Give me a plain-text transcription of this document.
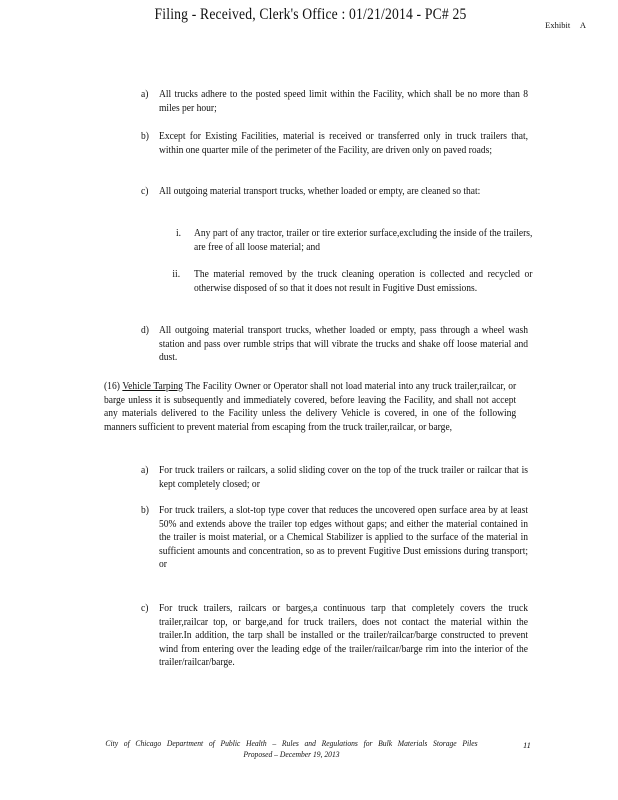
Filing - Received, Clerk's Office : 01/21/2014 - PC# 25
Exhibit A
a) All trucks adhere to the posted speed limit within the Facility, which shall be no more than 8 miles per hour;
b) Except for Existing Facilities, material is received or transferred only in truck trailers that, within one quarter mile of the perimeter of the Facility, are driven only on paved roads;
c) All outgoing material transport trucks, whether loaded or empty, are cleaned so that:
i. Any part of any tractor, trailer or tire exterior surface,excluding the inside of the trailers, are free of all loose material; and
ii. The material removed by the truck cleaning operation is collected and recycled or otherwise disposed of so that it does not result in Fugitive Dust emissions.
d) All outgoing material transport trucks, whether loaded or empty, pass through a wheel wash station and pass over rumble strips that will vibrate the trucks and shake off loose material and dust.
(16) Vehicle Tarping The Facility Owner or Operator shall not load material into any truck trailer,railcar, or barge unless it is subsequently and immediately covered, before leaving the Facility, and shall not accept any materials delivered to the Facility unless the delivery Vehicle is covered, in one of the following manners sufficient to prevent material from escaping from the truck trailer,railcar, or barge,
a) For truck trailers or railcars, a solid sliding cover on the top of the truck trailer or railcar that is kept completely closed; or
b) For truck trailers, a slot-top type cover that reduces the uncovered open surface area by at least 50% and extends above the trailer top edges without gaps; and either the material contained in the trailer is moist material, or a Chemical Stabilizer is applied to the surface of the material in sufficient amounts and concentration, so as to prevent Fugitive Dust emissions during transport; or
c) For truck trailers, railcars or barges,a continuous tarp that completely covers the truck trailer,railcar top, or barge,and for truck trailers, does not contact the material within the trailer.In addition, the tarp shall be installed or the trailer/railcar/barge constructed to prevent wind from entering over the leading edge of the trailer/railcar/barge rim into the interior of the trailer/railcar/barge.
City of Chicago Department of Public Health – Rules and Regulations for Bulk Materials Storage Piles
Proposed – December 19, 2013
11
